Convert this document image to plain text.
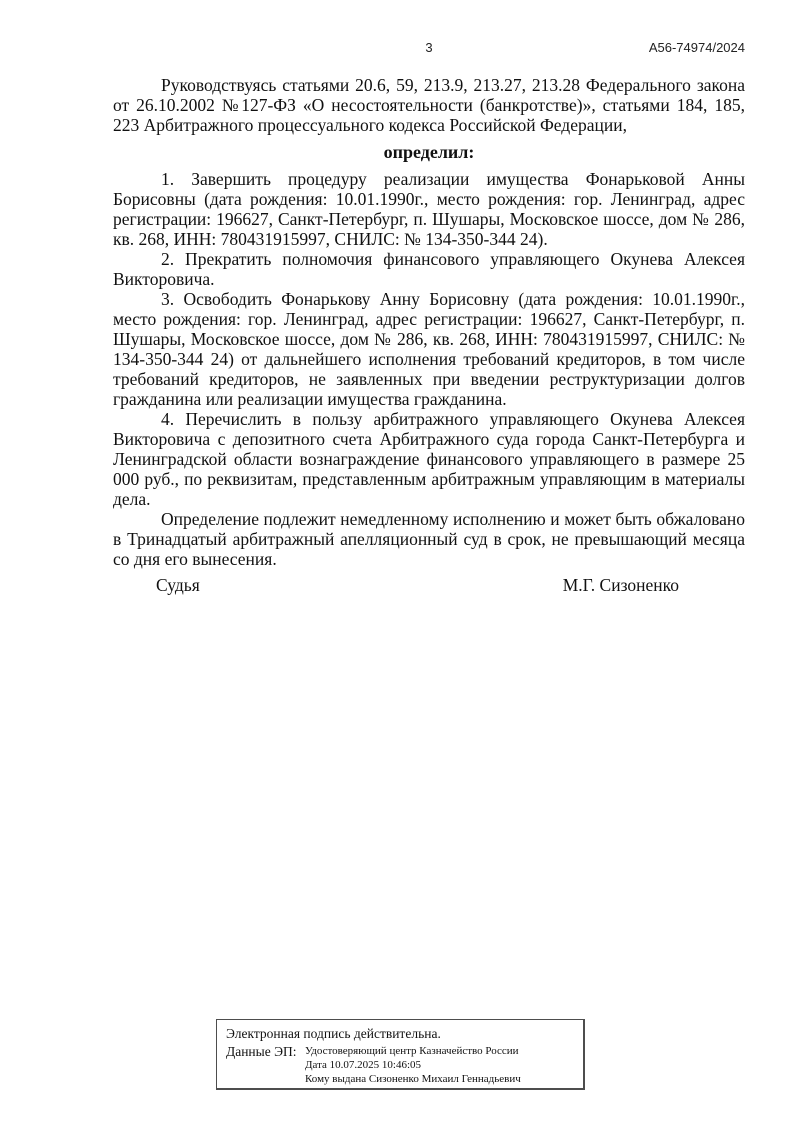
3	А56-74974/2024

Руководствуясь статьями 20.6, 59, 213.9, 213.27, 213.28 Федерального закона от 26.10.2002 №127-ФЗ «О несостоятельности (банкротстве)», статьями 184, 185, 223 Арбитражного процессуального кодекса Российской Федерации,

определил:

1. Завершить процедуру реализации имущества Фонарьковой Анны Борисовны (дата рождения: 10.01.1990г., место рождения: гор. Ленинград, адрес регистрации: 196627, Санкт-Петербург, п. Шушары, Московское шоссе, дом № 286, кв. 268, ИНН: 780431915997, СНИЛС: № 134-350-344 24).

2. Прекратить полномочия финансового управляющего Окунева Алексея Викторовича.

3. Освободить Фонарькову Анну Борисовну (дата рождения: 10.01.1990г., место рождения: гор. Ленинград, адрес регистрации: 196627, Санкт-Петербург, п. Шушары, Московское шоссе, дом № 286, кв. 268, ИНН: 780431915997, СНИЛС: № 134-350-344 24) от дальнейшего исполнения требований кредиторов, в том числе требований кредиторов, не заявленных при введении реструктуризации долгов гражданина или реализации имущества гражданина.

4. Перечислить в пользу арбитражного управляющего Окунева Алексея Викторовича с депозитного счета Арбитражного суда города Санкт-Петербурга и Ленинградской области вознаграждение финансового управляющего в размере 25 000 руб., по реквизитам, представленным арбитражным управляющим в материалы дела.

Определение подлежит немедленному исполнению и может быть обжаловано в Тринадцатый арбитражный апелляционный суд в срок, не превышающий месяца со дня его вынесения.

Судья	М.Г. Сизоненко
Электронная подпись действительна.
Данные ЭП: Удостоверяющий центр Казначейство России
Дата 10.07.2025 10:46:05
Кому выдана Сизоненко Михаил Геннадьевич
